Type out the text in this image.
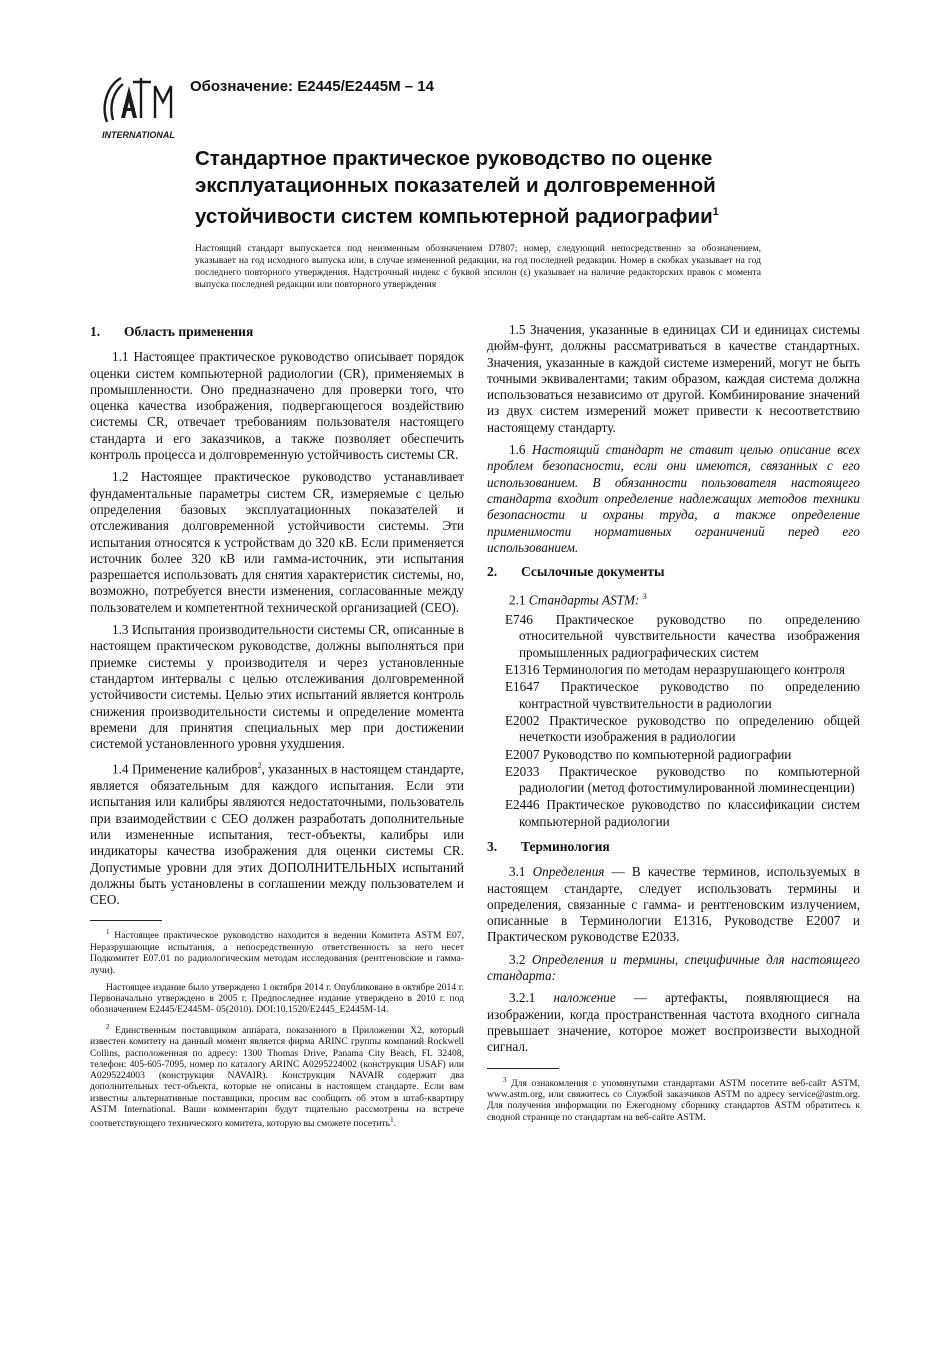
INTERNATIONAL
Обозначение: E2445/E2445M – 14
Стандартное практическое руководство по оценке эксплуатационных показателей и долговременной устойчивости систем компьютерной радиографии$^1$
Настоящий стандарт выпускается под неизменным обозначением D7807; номер, следующий непосредственно за обозначением, указывает на год исходного выпуска или, в случае измененной редакции, на год последней редакции. Номер в скобках указывает на год последнего повторного утверждения. Надстрочный индекс с буквой эпсилон (ε) указывает на наличие редакторских правок с момента выпуска последней редакции или повторного утверждения
1. Область применения

1.1 Настоящее практическое руководство описывает порядок оценки систем компьютерной радиологии (CR), применяемых в промышленности. Оно предназначено для проверки того, что оценка качества изображения, подвергающегося воздействию системы CR, отвечает требованиям пользователя настоящего стандарта и его заказчиков, а также позволяет обеспечить контроль процесса и долговременную устойчивость системы CR.

1.2 Настоящее практическое руководство устанавливает фундаментальные параметры систем CR, измеряемые с целью определения базовых эксплуатационных показателей и отслеживания долговременной устойчивости системы. Эти испытания относятся к устройствам до 320 кВ. Если применяется источник более 320 кВ или гамма-источник, эти испытания разрешается использовать для снятия характеристик системы, но, возможно, потребуется внести изменения, согласованные между пользователем и компетентной технической организацией (CEO).

1.3 Испытания производительности системы CR, описанные в настоящем практическом руководстве, должны выполняться при приемке системы у производителя и через установленные стандартом интервалы с целью отслеживания долговременной устойчивости системы. Целью этих испытаний является контроль снижения производительности системы и определение момента времени для принятия специальных мер при достижении системой установленного уровня ухудшения.

1.4 Применение калибров$^2$, указанных в настоящем стандарте, является обязательным для каждого испытания. Если эти испытания или калибры являются недостаточными, пользователь при взаимодействии с CEO должен разработать дополнительные или измененные испытания, тест-объекты, калибры или индикаторы качества изображения для оценки системы CR. Допустимые уровни для этих ДОПОЛНИТЕЛЬНЫХ испытаний должны быть установлены в соглашении между пользователем и CEO.

$^1$ Настоящее практическое руководство находится в ведении Комитета ASTM E07, Неразрушающие испытания, а непосредственную ответственность за него несет Подкомитет E07.01 по радиологическим методам исследования (рентгеновские и гамма-лучи).

Настоящее издание было утверждено 1 октября 2014 г. Опубликовано в октябре 2014 г. Первоначально утверждено в 2005 г. Предпоследнее издание утверждено в 2010 г. под обозначением E2445/E2445M- 05(2010). DOI:10.1520/E2445_E2445M-14.

$^2$ Единственным поставщиком аппарата, показанного в Приложении X2, который известен комитету на данный момент является фирма ARINC группы компаний Rockwell Collins, расположенная по адресу: 1300 Thomas Drive, Panama City Beach, FL 32408, телефон: 405-605-7095, номер по каталогу ARINC A0295224002 (конструкция USAF) или A0295224003 (конструкция NAVAIR). Конструкция NAVAIR содержит два дополнительных тест-объекта, которые не описаны в настоящем стандарте. Если вам известны альтернативные поставщики, просим вас сообщить об этом в штаб-квартиру ASTM International. Ваши комментарии будут тщательно рассмотрены на встрече соответствующего технического комитета, которую вы сможете посетить$^1$.

1.5 Значения, указанные в единицах СИ и единицах системы дюйм-фунт, должны рассматриваться в качестве стандартных. Значения, указанные в каждой системе измерений, могут не быть точными эквивалентами; таким образом, каждая система должна использоваться независимо от другой. Комбинирование значений из двух систем измерений может привести к несоответствию настоящему стандарту.

1.6 Настоящий стандарт не ставит целью описание всех проблем безопасности, если они имеются, связанных с его использованием. В обязанности пользователя настоящего стандарта входит определение надлежащих методов техники безопасности и охраны труда, а также определение применимости нормативных ограничений перед его использованием.

2. Ссылочные документы
2.1 Стандарты ASTM: $^3$
E746 Практическое руководство по определению относительной чувствительности качества изображения промышленных радиографических систем
E1316 Терминология по методам неразрушающего контроля
E1647 Практическое руководство по определению контрастной чувствительности в радиологии
E2002 Практическое руководство по определению общей нечеткости изображения в радиологии
E2007 Руководство по компьютерной радиографии
E2033 Практическое руководство по компьютерной радиологии (метод фотостимулированной люминесценции)
E2446 Практическое руководство по классификации систем компьютерной радиологии
3. Терминология

3.1 Определения — В качестве терминов, используемых в настоящем стандарте, следует использовать термины и определения, связанные с гамма- и рентгеновским излучением, описанные в Терминологии E1316, Руководстве E2007 и Практическом руководстве E2033.

3.2 Определения и термины, специфичные для настоящего стандарта:

3.2.1 наложение — артефакты, появляющиеся на изображении, когда пространственная частота входного сигнала превышает значение, которое может воспроизвести выходной сигнал.

$^3$ Для ознакомления с упомянутыми стандартами ASTM посетите веб-сайт ASTM, www.astm.org, или свяжитесь со Службой заказчиков ASTM по адресу service@astm.org. Для получения информации по Ежегодному сборнику стандартов ASTM обратитесь к сводной странице по стандартам на веб-сайте ASTM.
